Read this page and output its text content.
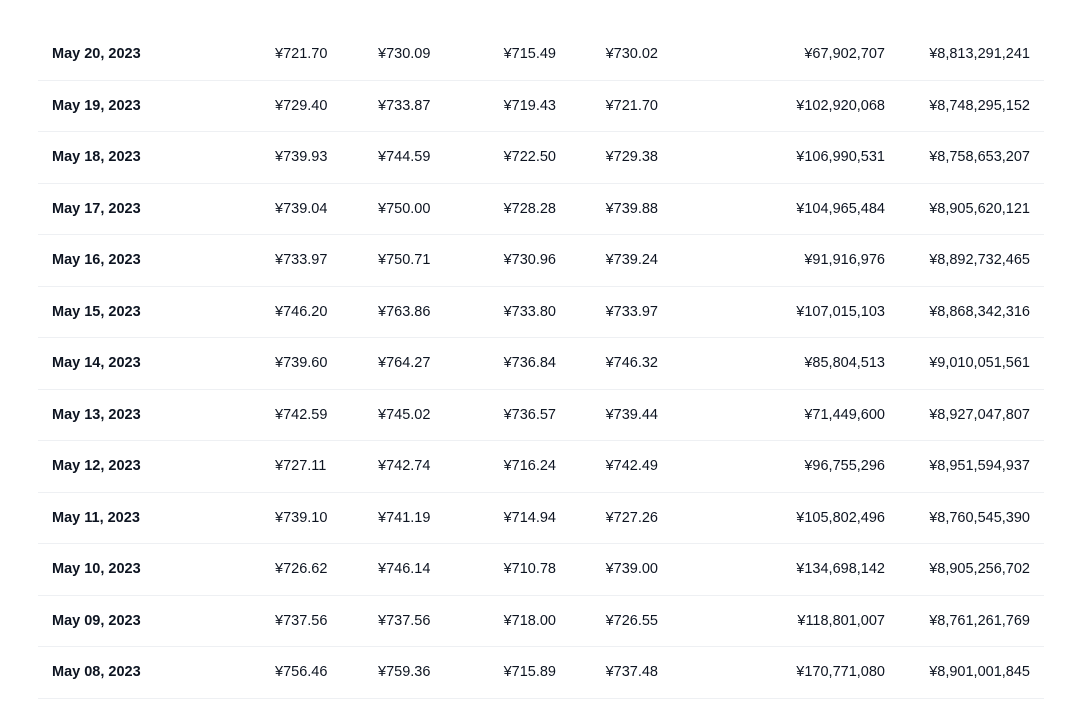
May 20, 2023	¥721.70	¥730.09	¥715.49	¥730.02	¥67,902,707	¥8,813,291,241
May 19, 2023	¥729.40	¥733.87	¥719.43	¥721.70	¥102,920,068	¥8,748,295,152
May 18, 2023	¥739.93	¥744.59	¥722.50	¥729.38	¥106,990,531	¥8,758,653,207
May 17, 2023	¥739.04	¥750.00	¥728.28	¥739.88	¥104,965,484	¥8,905,620,121
May 16, 2023	¥733.97	¥750.71	¥730.96	¥739.24	¥91,916,976	¥8,892,732,465
May 15, 2023	¥746.20	¥763.86	¥733.80	¥733.97	¥107,015,103	¥8,868,342,316
May 14, 2023	¥739.60	¥764.27	¥736.84	¥746.32	¥85,804,513	¥9,010,051,561
May 13, 2023	¥742.59	¥745.02	¥736.57	¥739.44	¥71,449,600	¥8,927,047,807
May 12, 2023	¥727.11	¥742.74	¥716.24	¥742.49	¥96,755,296	¥8,951,594,937
May 11, 2023	¥739.10	¥741.19	¥714.94	¥727.26	¥105,802,496	¥8,760,545,390
May 10, 2023	¥726.62	¥746.14	¥710.78	¥739.00	¥134,698,142	¥8,905,256,702
May 09, 2023	¥737.56	¥737.56	¥718.00	¥726.55	¥118,801,007	¥8,761,261,769
May 08, 2023	¥756.46	¥759.36	¥715.89	¥737.48	¥170,771,080	¥8,901,001,845
